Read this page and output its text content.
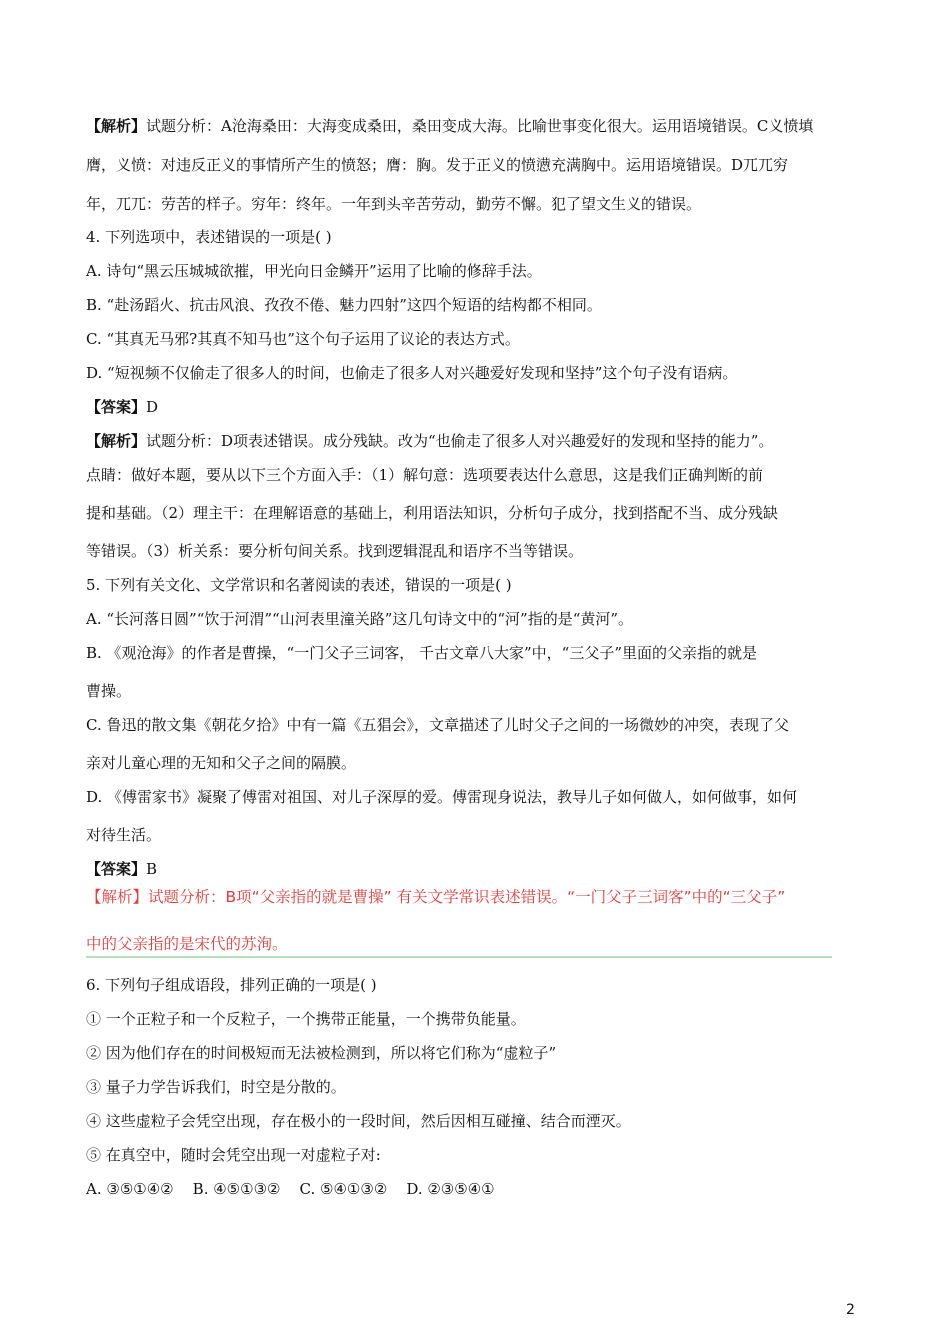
【解析】试题分析：A沧海桑田：大海变成桑田，桑田变成大海。比喻世事变化很大。运用语境错误。C义愤填
膺，义愤：对违反正义的事情所产生的愤怒；膺：胸。发于正义的愤懑充满胸中。运用语境错误。D兀兀穷
年，兀兀：劳苦的样子。穷年：终年。一年到头辛苦劳动，勤劳不懈。犯了望文生义的错误。
4. 下列选项中，表述错误的一项是( )
A. 诗句“黑云压城城欲摧，甲光向日金鳞开”运用了比喻的修辞手法。
B. “赴汤蹈火、抗击风浪、孜孜不倦、魅力四射”这四个短语的结构都不相同。
C. “其真无马邪?其真不知马也”这个句子运用了议论的表达方式。
D. “短视频不仅偷走了很多人的时间，也偷走了很多人对兴趣爱好发现和坚持”这个句子没有语病。
【答案】D
【解析】试题分析：D项表述错误。成分残缺。改为“也偷走了很多人对兴趣爱好的发现和坚持的能力”。
点睛：做好本题，要从以下三个方面入手：（1）解句意：选项要表达什么意思，这是我们正确判断的前
提和基础。（2）理主干：在理解语意的基础上，利用语法知识，分析句子成分，找到搭配不当、成分残缺
等错误。（3）析关系：要分析句间关系。找到逻辑混乱和语序不当等错误。
5. 下列有关文化、文学常识和名著阅读的表述，错误的一项是( )
A. “长河落日圆”“饮于河渭”“山河表里潼关路”这几句诗文中的“河”指的是“黄河”。
B. 《观沧海》的作者是曹操，“一门父子三词客， 千古文章八大家”中，“三父子”里面的父亲指的就是
曹操。
C. 鲁迅的散文集《朝花夕拾》中有一篇《五猖会》，文章描述了儿时父子之间的一场微妙的冲突，表现了父
亲对儿童心理的无知和父子之间的隔膜。
D. 《傅雷家书》凝聚了傅雷对祖国、对儿子深厚的爱。傅雷现身说法，教导儿子如何做人，如何做事，如何
对待生活。
【答案】B
【解析】试题分析：B项“父亲指的就是曹操” 有关文学常识表述错误。“一门父子三词客”中的“三父子”
中的父亲指的是宋代的苏洵。
6. 下列句子组成语段，排列正确的一项是( )
① 一个正粒子和一个反粒子，一个携带正能量，一个携带负能量。
② 因为他们存在的时间极短而无法被检测到，所以将它们称为“虚粒子”
③ 量子力学告诉我们，时空是分散的。
④ 这些虚粒子会凭空出现，存在极小的一段时间，然后因相互碰撞、结合而湮灭。
⑤ 在真空中，随时会凭空出现一对虚粒子对:
A. ③⑤①④②    B. ④⑤①③②    C. ⑤④①③②    D. ②③⑤④①
2
